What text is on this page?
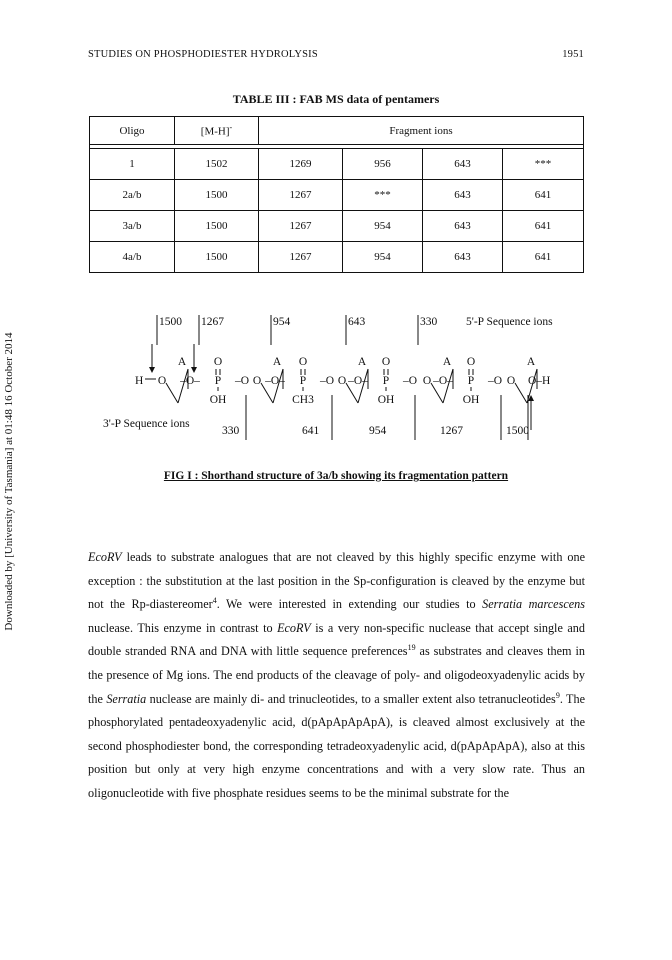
STUDIES ON PHOSPHODIESTER HYDROLYSIS	1951
Downloaded by [University of Tasmania] at 01:48 16 October 2014
TABLE III : FAB MS data of pentamers
Oligo	[M-H]-	Fragment ions			

1	1502	1269	956	643	***
2a/b	1500	1267	***	643	641
3a/b	1500	1267	954	643	641
4a/b	1500	1267	954	643	641
1500 1267	954	643	330	5'-P Sequence ions
H O
A
O
A
O
A
O
A
O
A
–O– P
O
OH
–O –O– P
O
CH3
–O –O– P
O
OH
–O –O– P
O
OH
–O O–H
3'-P Sequence ions
330	641	954	1267	1500
FIG I : Shorthand structure of 3a/b showing its fragmentation pattern
EcoRV leads to substrate analogues that are not cleaved by this highly specific enzyme with one exception : the substitution at the last position in the Sp-configuration is cleaved by the enzyme but not the Rp-diastereomer$^4$. We were interested in extending our studies to Serratia marcescens nuclease. This enzyme in contrast to EcoRV is a very non-specific nuclease that accept single and double stranded RNA and DNA with little sequence preferences$^{19}$ as substrates and cleaves them in the presence of Mg ions. The end products of the cleavage of poly- and oligodeoxyadenylic acids by the Serratia nuclease are mainly di- and trinucleotides, to a smaller extent also tetranucleotides$^9$. The phosphorylated pentadeoxyadenylic acid, d(pApApApApA), is cleaved almost exclusively at the second phosphodiester bond, the corresponding tetradeoxyadenylic acid, d(pApApApA), also at this position but only at very high enzyme concentrations and with a very slow rate. Thus an oligonucleotide with five phosphate residues seems to be the minimal substrate for the
